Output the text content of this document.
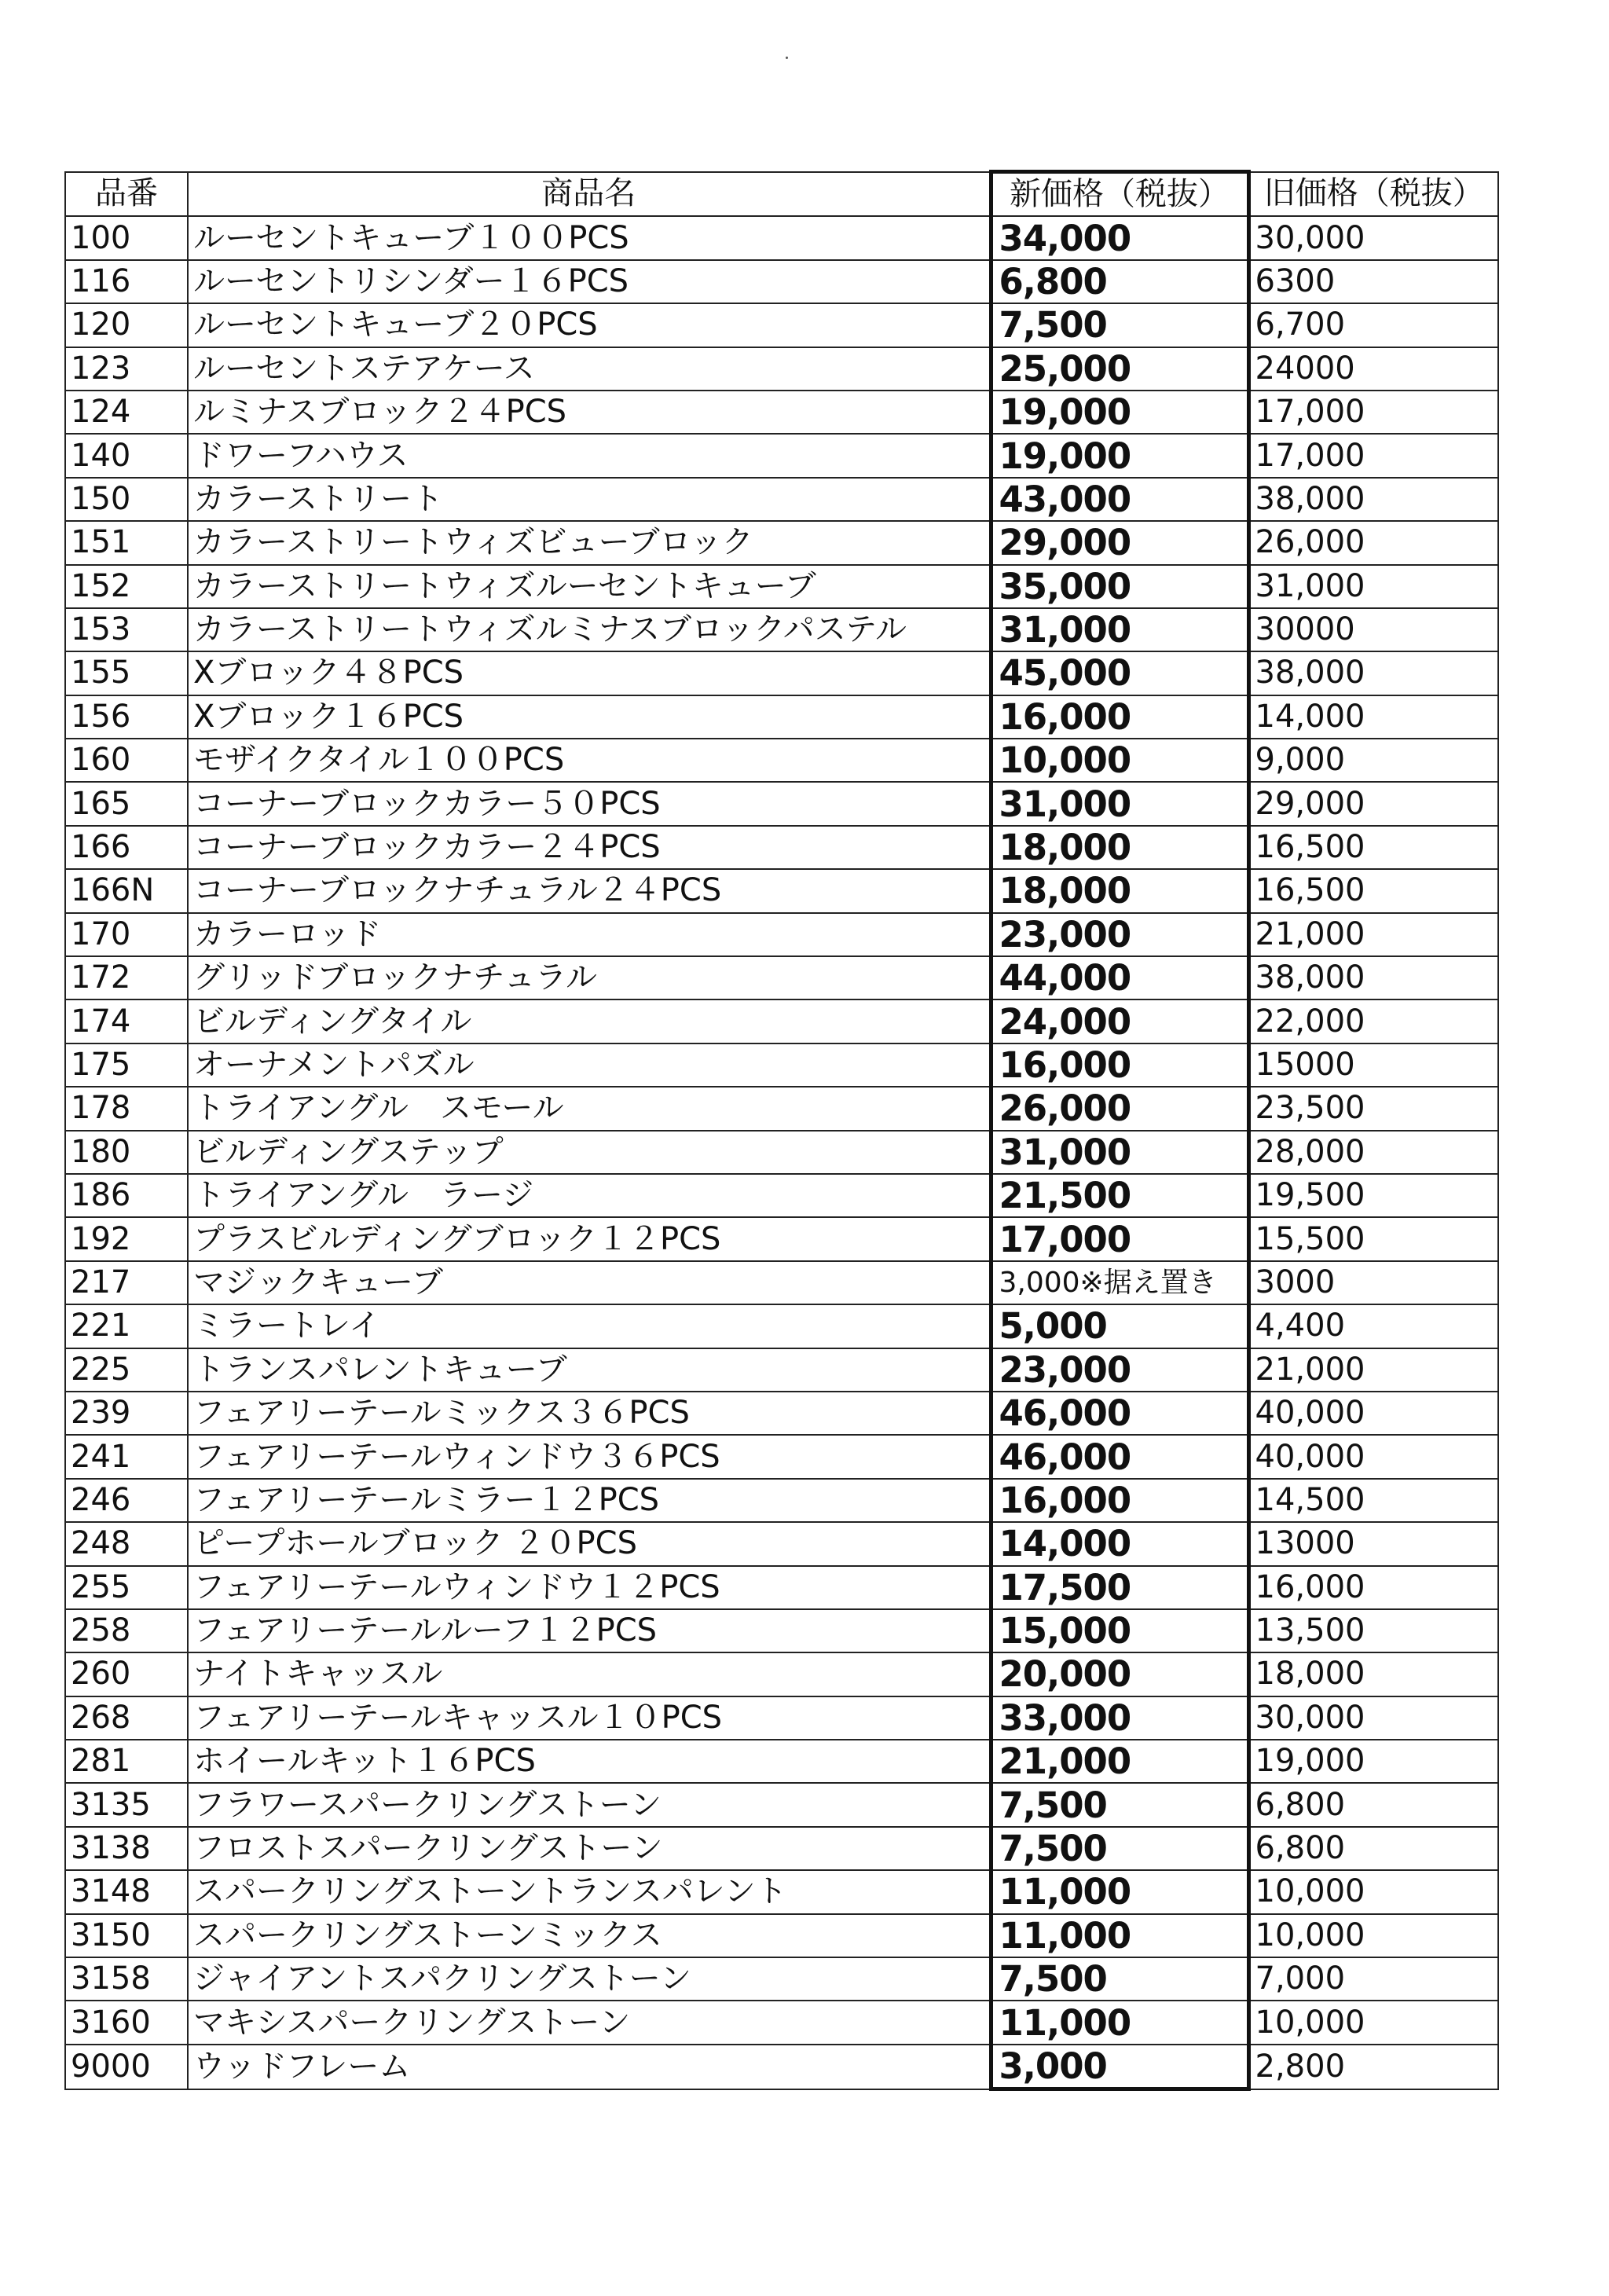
品番	商品名	新価格（税抜）	旧価格（税抜）
100	ルーセントキューブ１００PCS	34,000	30,000
116	ルーセントリシンダー１６PCS	6,800	6300
120	ルーセントキューブ２０PCS	7,500	6,700
123	ルーセントステアケース	25,000	24000
124	ルミナスブロック２４PCS	19,000	17,000
140	ドワーフハウス	19,000	17,000
150	カラーストリート	43,000	38,000
151	カラーストリートウィズビューブロック	29,000	26,000
152	カラーストリートウィズルーセントキューブ	35,000	31,000
153	カラーストリートウィズルミナスブロックパステル	31,000	30000
155	Xブロック４８PCS	45,000	38,000
156	Xブロック１６PCS	16,000	14,000
160	モザイクタイル１００PCS	10,000	9,000
165	コーナーブロックカラー５０PCS	31,000	29,000
166	コーナーブロックカラー２４PCS	18,000	16,500
166N	コーナーブロックナチュラル２４PCS	18,000	16,500
170	カラーロッド	23,000	21,000
172	グリッドブロックナチュラル	44,000	38,000
174	ビルディングタイル	24,000	22,000
175	オーナメントパズル	16,000	15000
178	トライアングル　スモール	26,000	23,500
180	ビルディングステップ	31,000	28,000
186	トライアングル　ラージ	21,500	19,500
192	プラスビルディングブロック１２PCS	17,000	15,500
217	マジックキューブ	3,000※据え置き	3000
221	ミラートレイ	5,000	4,400
225	トランスパレントキューブ	23,000	21,000
239	フェアリーテールミックス３６PCS	46,000	40,000
241	フェアリーテールウィンドウ３６PCS	46,000	40,000
246	フェアリーテールミラー１２PCS	16,000	14,500
248	ピープホールブロック ２０PCS	14,000	13000
255	フェアリーテールウィンドウ１２PCS	17,500	16,000
258	フェアリーテールルーフ１２PCS	15,000	13,500
260	ナイトキャッスル	20,000	18,000
268	フェアリーテールキャッスル１０PCS	33,000	30,000
281	ホイールキット１６PCS	21,000	19,000
3135	フラワースパークリングストーン	7,500	6,800
3138	フロストスパークリングストーン	7,500	6,800
3148	スパークリングストーントランスパレント	11,000	10,000
3150	スパークリングストーンミックス	11,000	10,000
3158	ジャイアントスパクリングストーン	7,500	7,000
3160	マキシスパークリングストーン	11,000	10,000
9000	ウッドフレーム	3,000	2,800
